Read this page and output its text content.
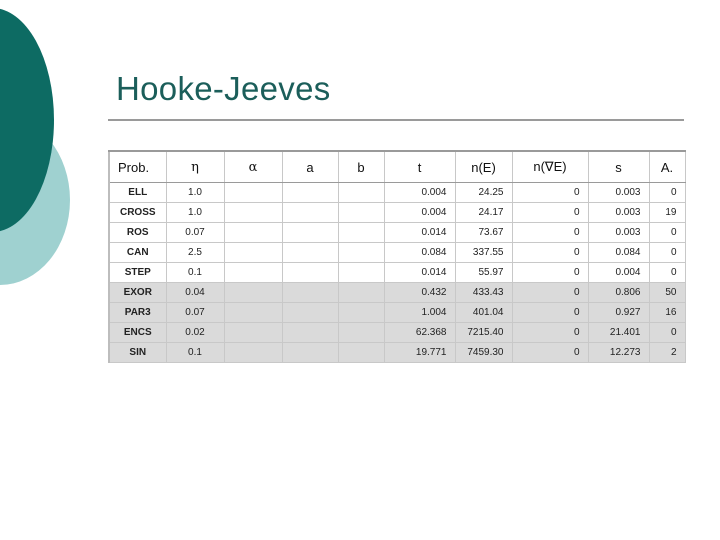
Hooke-Jeeves
Prob.	η	α	a	b	t	n(E)	n(∇E)	s	A.
ELL	1.0				0.004	24.25	0	0.003	0
CROSS	1.0				0.004	24.17	0	0.003	19
ROS	0.07				0.014	73.67	0	0.003	0
CAN	2.5				0.084	337.55	0	0.084	0
STEP	0.1				0.014	55.97	0	0.004	0
EXOR	0.04				0.432	433.43	0	0.806	50
PAR3	0.07				1.004	401.04	0	0.927	16
ENCS	0.02				62.368	7215.40	0	21.401	0
SIN	0.1				19.771	7459.30	0	12.273	2
